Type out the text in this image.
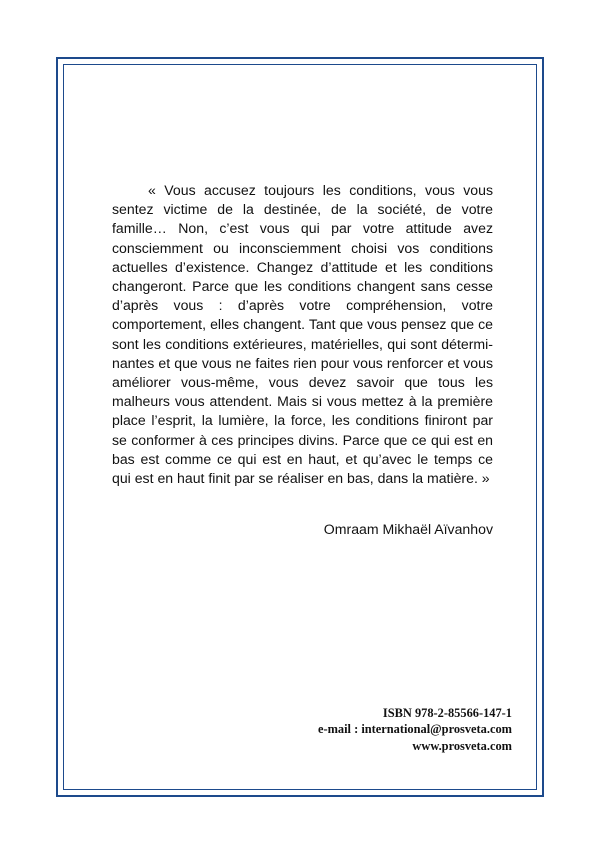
« Vous accusez toujours les conditions, vous vous sentez victime de la destinée, de la société, de votre famille… Non, c’est vous qui par votre attitude avez consciemment ou inconsciemment choisi vos conditions actuelles d’existence. Changez d’attitude et les conditions changeront. Parce que les conditions changent sans cesse d’après vous : d’après votre compréhension, votre comportement, elles changent. Tant que vous pensez que ce sont les conditions extérieures, matérielles, qui sont déterminantes et que vous ne faites rien pour vous renforcer et vous améliorer vous-même, vous devez savoir que tous les malheurs vous attendent. Mais si vous mettez à la première place l’esprit, la lumière, la force, les conditions finiront par se conformer à ces principes divins. Parce que ce qui est en bas est comme ce qui est en haut, et qu’avec le temps ce qui est en haut finit par se réaliser en bas, dans la matière. »

Omraam Mikhaël Aïvanhov

ISBN 978-2-85566-147-1
e-mail : international@prosveta.com
www.prosveta.com
